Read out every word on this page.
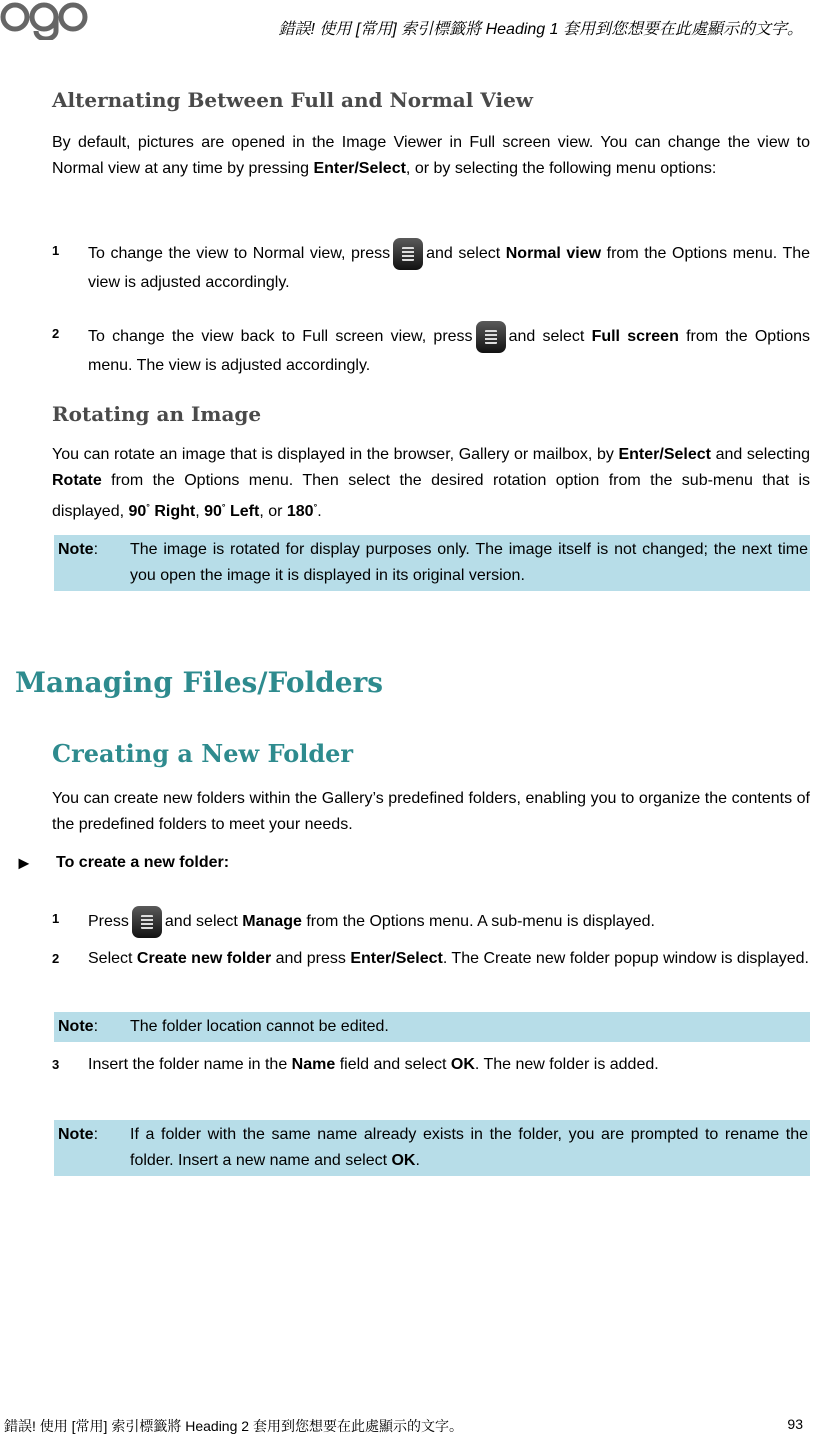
錯誤! 使用 [常用] 索引標籤將 Heading 1 套用到您想要在此處顯示的文字。
Alternating Between Full and Normal View
By default, pictures are opened in the Image Viewer in Full screen view. You can change the view to Normal view at any time by pressing Enter/Select, or by selecting the following menu options:
1	To change the view to Normal view, press and select Normal view from the Options menu. The view is adjusted accordingly.
2	To change the view back to Full screen view, press and select Full screen from the Options menu. The view is adjusted accordingly.
Rotating an Image
You can rotate an image that is displayed in the browser, Gallery or mailbox, by Enter/Select and selecting Rotate from the Options menu. Then select the desired rotation option from the sub-menu that is displayed, 90° Right, 90° Left, or 180°.
Note: The image is rotated for display purposes only. The image itself is not changed; the next time you open the image it is displayed in its original version.
Managing Files/Folders
Creating a New Folder
You can create new folders within the Gallery’s predefined folders, enabling you to organize the contents of the predefined folders to meet your needs.
► To create a new folder:
1	Press and select Manage from the Options menu. A sub-menu is displayed.
2	Select Create new folder and press Enter/Select. The Create new folder popup window is displayed.
Note: The folder location cannot be edited.
3	Insert the folder name in the Name field and select OK. The new folder is added.
Note: If a folder with the same name already exists in the folder, you are prompted to rename the folder. Insert a new name and select OK.
錯誤! 使用 [常用] 索引標籤將 Heading 2 套用到您想要在此處顯示的文字。	93
